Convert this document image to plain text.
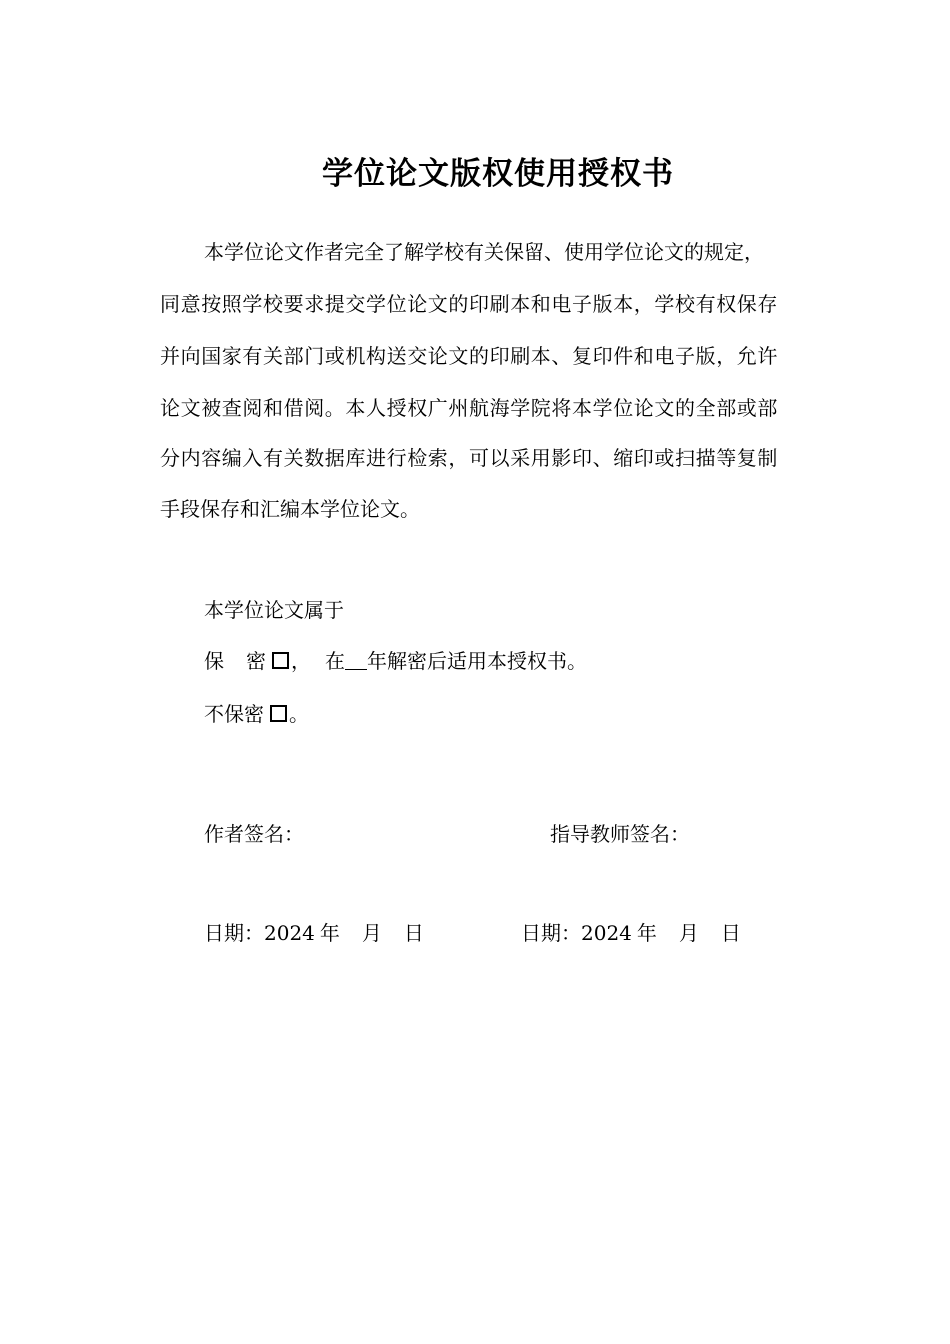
学位论文版权使用授权书
本学位论文作者完全了解学校有关保留、使用学位论文的规定，
同意按照学校要求提交学位论文的印刷本和电子版本，学校有权保存
并向国家有关部门或机构送交论文的印刷本、复印件和电子版，允许
论文被查阅和借阅。本人授权广州航海学院将本学位论文的全部或部
分内容编入有关数据库进行检索，可以采用影印、缩印或扫描等复制
手段保存和汇编本学位论文。
本学位论文属于
保 密 ， 在 年解密后适用本授权书。
不保密 。
作者签名：	指导教师签名：
日期：2024 年 月 日	日期：2024 年 月 日
